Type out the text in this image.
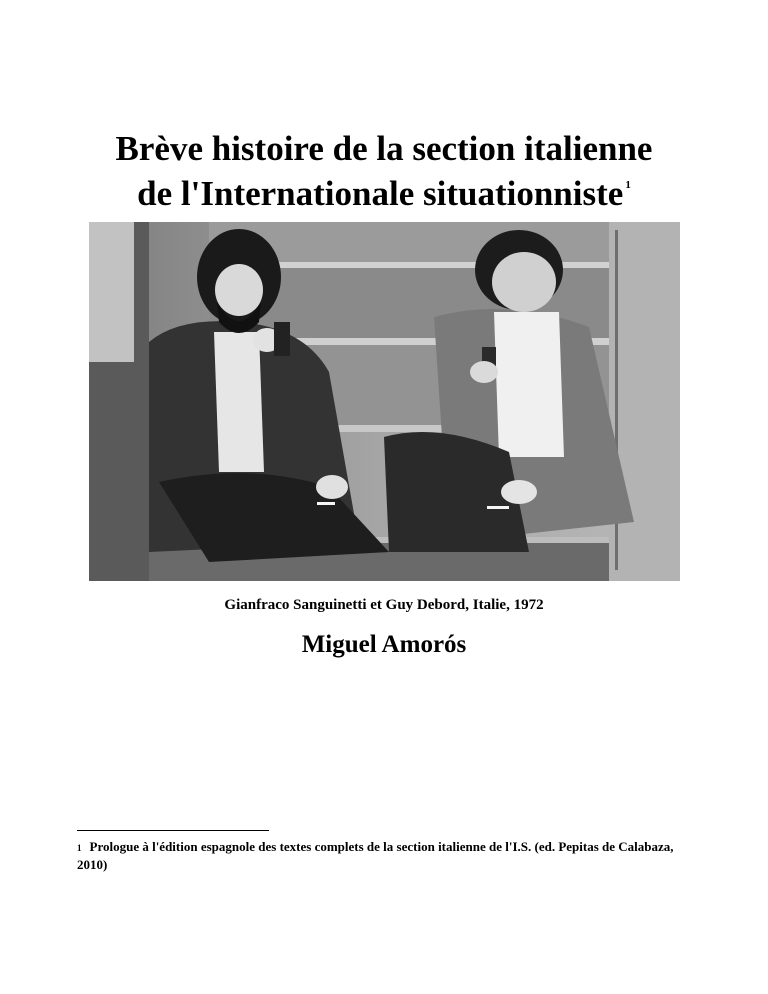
Brève histoire de la section italienne
de l'Internationale situationniste $^1$
Gianfraco Sanguinetti et Guy Debord, Italie, 1972
Miguel Amorós
$^1$ Prologue à l'édition espagnole des textes complets de la section italienne de l'I.S. (ed. Pepitas de Calabaza, 2010)
